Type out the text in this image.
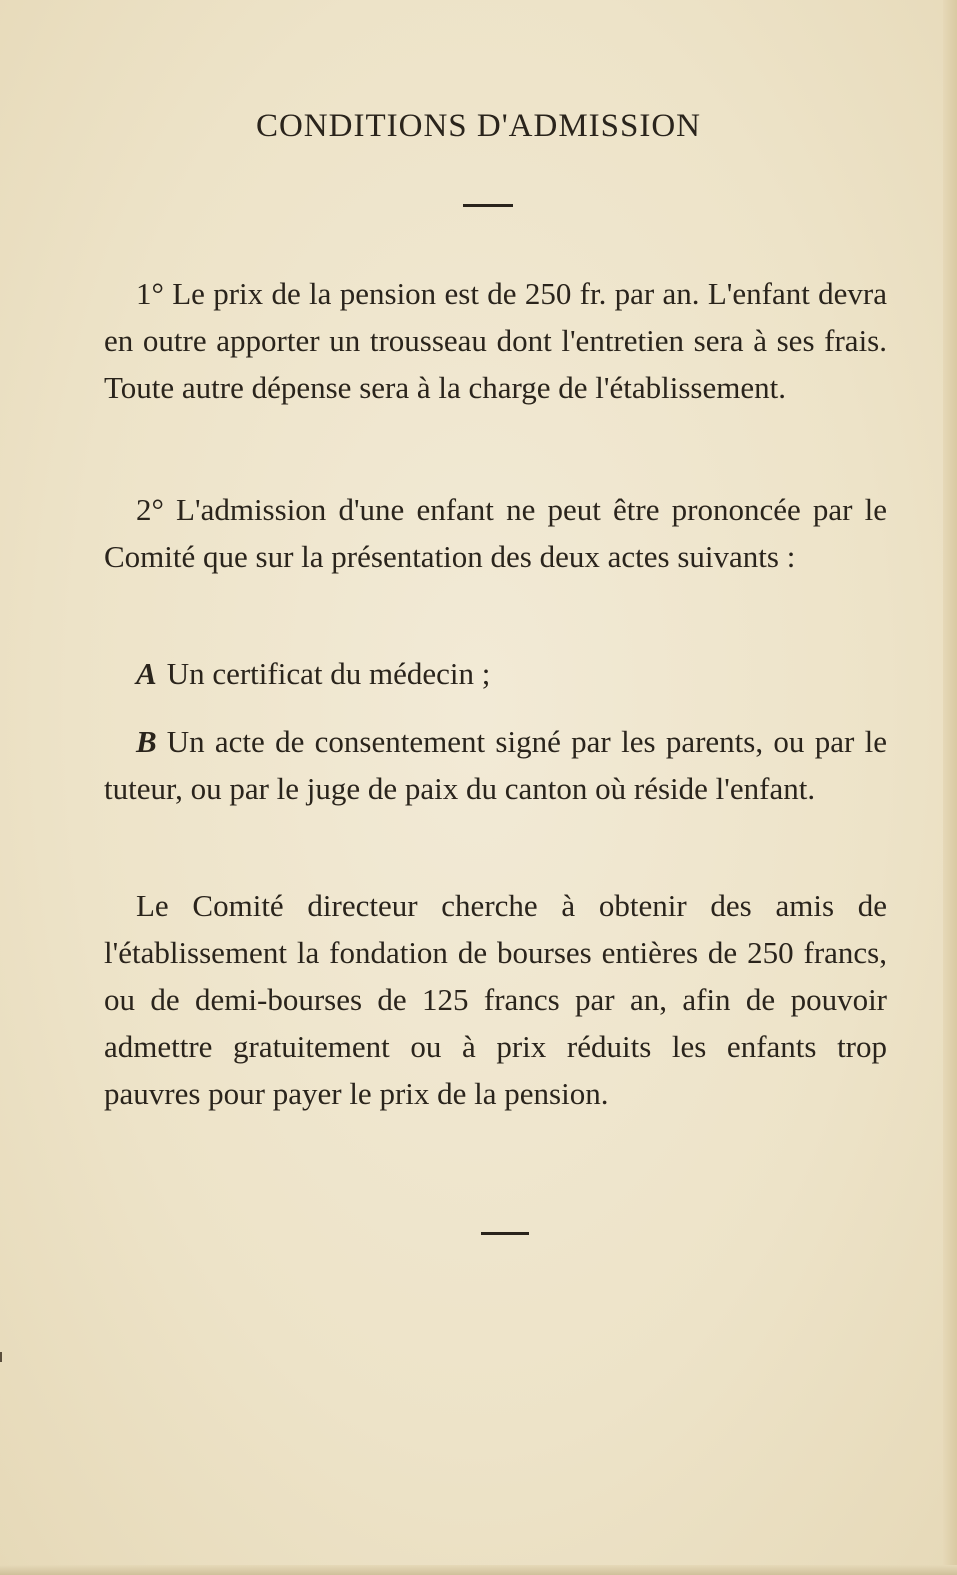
CONDITIONS D'ADMISSION

1° Le prix de la pension est de 250 fr. par an. L'enfant devra en outre apporter un trousseau dont l'entretien sera à ses frais. Toute autre dépense sera à la charge de l'établissement.

2° L'admission d'une enfant ne peut être prononcée par le Comité que sur la présentation des deux actes suivants :

A Un certificat du médecin ;

B Un acte de consentement signé par les parents, ou par le tuteur, ou par le juge de paix du canton où réside l'enfant.

Le Comité directeur cherche à obtenir des amis de l'établissement la fondation de bourses entières de 250 francs, ou de demi-bourses de 125 francs par an, afin de pouvoir admettre gratuitement ou à prix réduits les enfants trop pauvres pour payer le prix de la pension.
